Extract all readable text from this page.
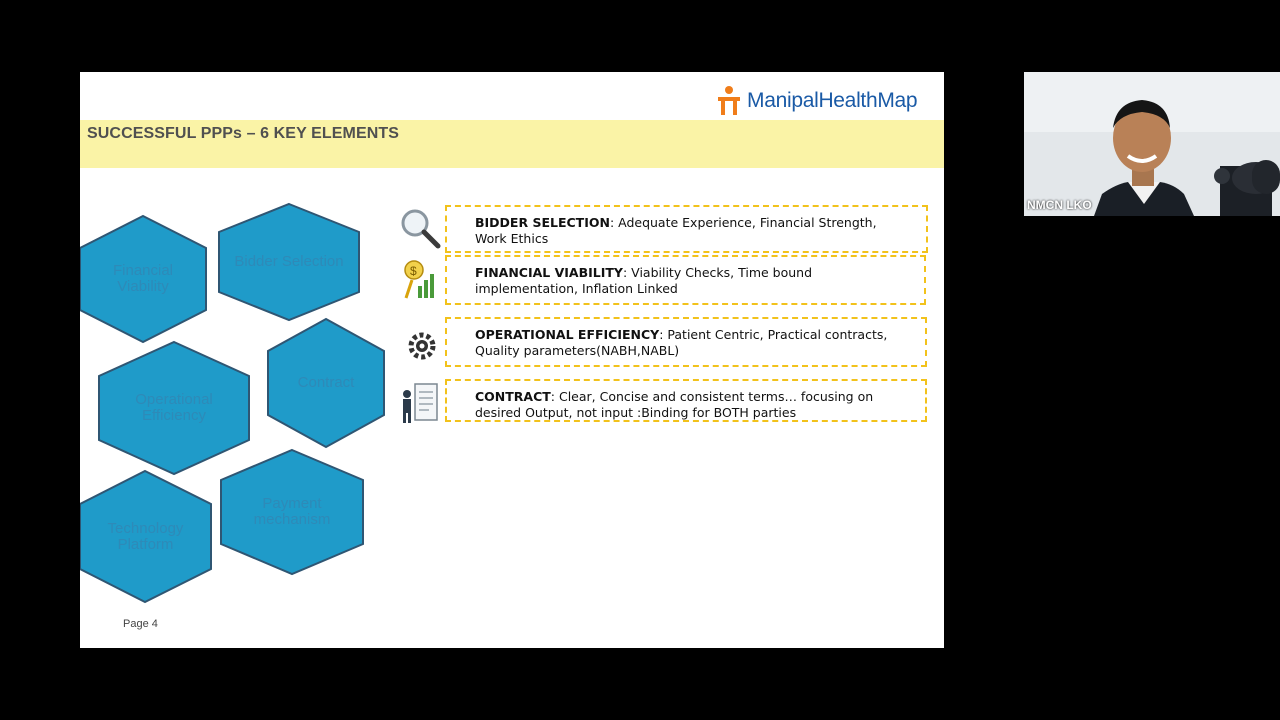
ManipalHealthMap
SUCCESSFUL PPPs – 6 KEY ELEMENTS
Financial Viability
Bidder Selection
Contract
Operational Efficiency
Technology Platform
Payment mechanism
BIDDER SELECTION: Adequate Experience, Financial Strength, Work Ethics
$	FINANCIAL VIABILITY: Viability Checks, Time bound implementation, Inflation Linked
OPERATIONAL EFFICIENCY: Patient Centric, Practical contracts, Quality parameters(NABH,NABL)
CONTRACT: Clear, Concise and consistent terms… focusing on desired Output, not input :Binding for BOTH parties
Page 4
NMCN LKO
